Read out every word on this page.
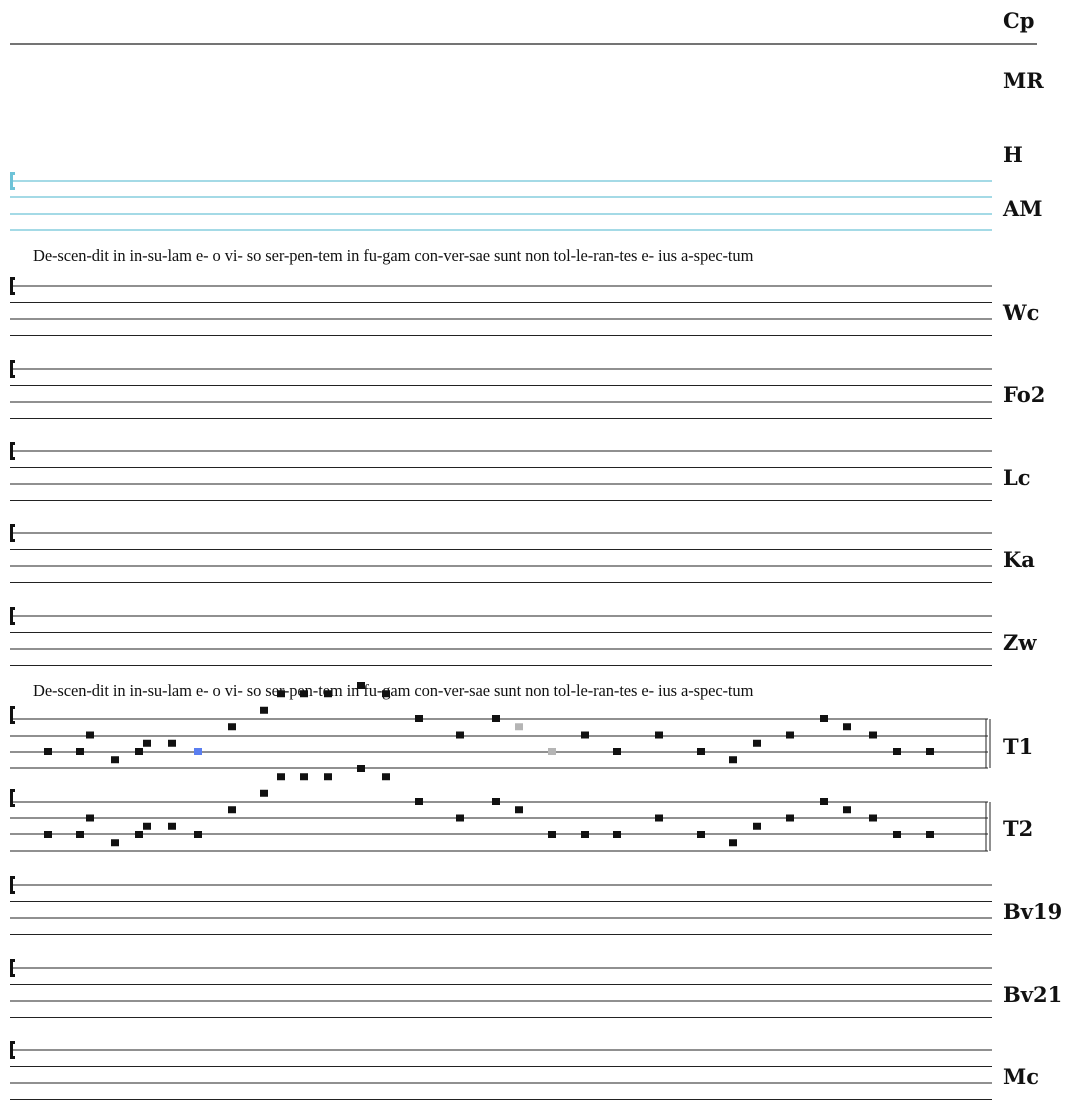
De-scen-dit in in-su-lam e- o vi- so ser-pen-tem in fu-gam con-ver-sae sunt non tol-le-ran-tes e- ius a-spec-tum
De-scen-dit in in-su-lam e- o vi- so ser-pen-tem in fu-gam con-ver-sae sunt non tol-le-ran-tes e- ius a-spec-tum
Cp
MR
H
AM
Wc
Fo2
Lc
Ka
Zw
T1
T2
Bv19
Bv21
Mc
